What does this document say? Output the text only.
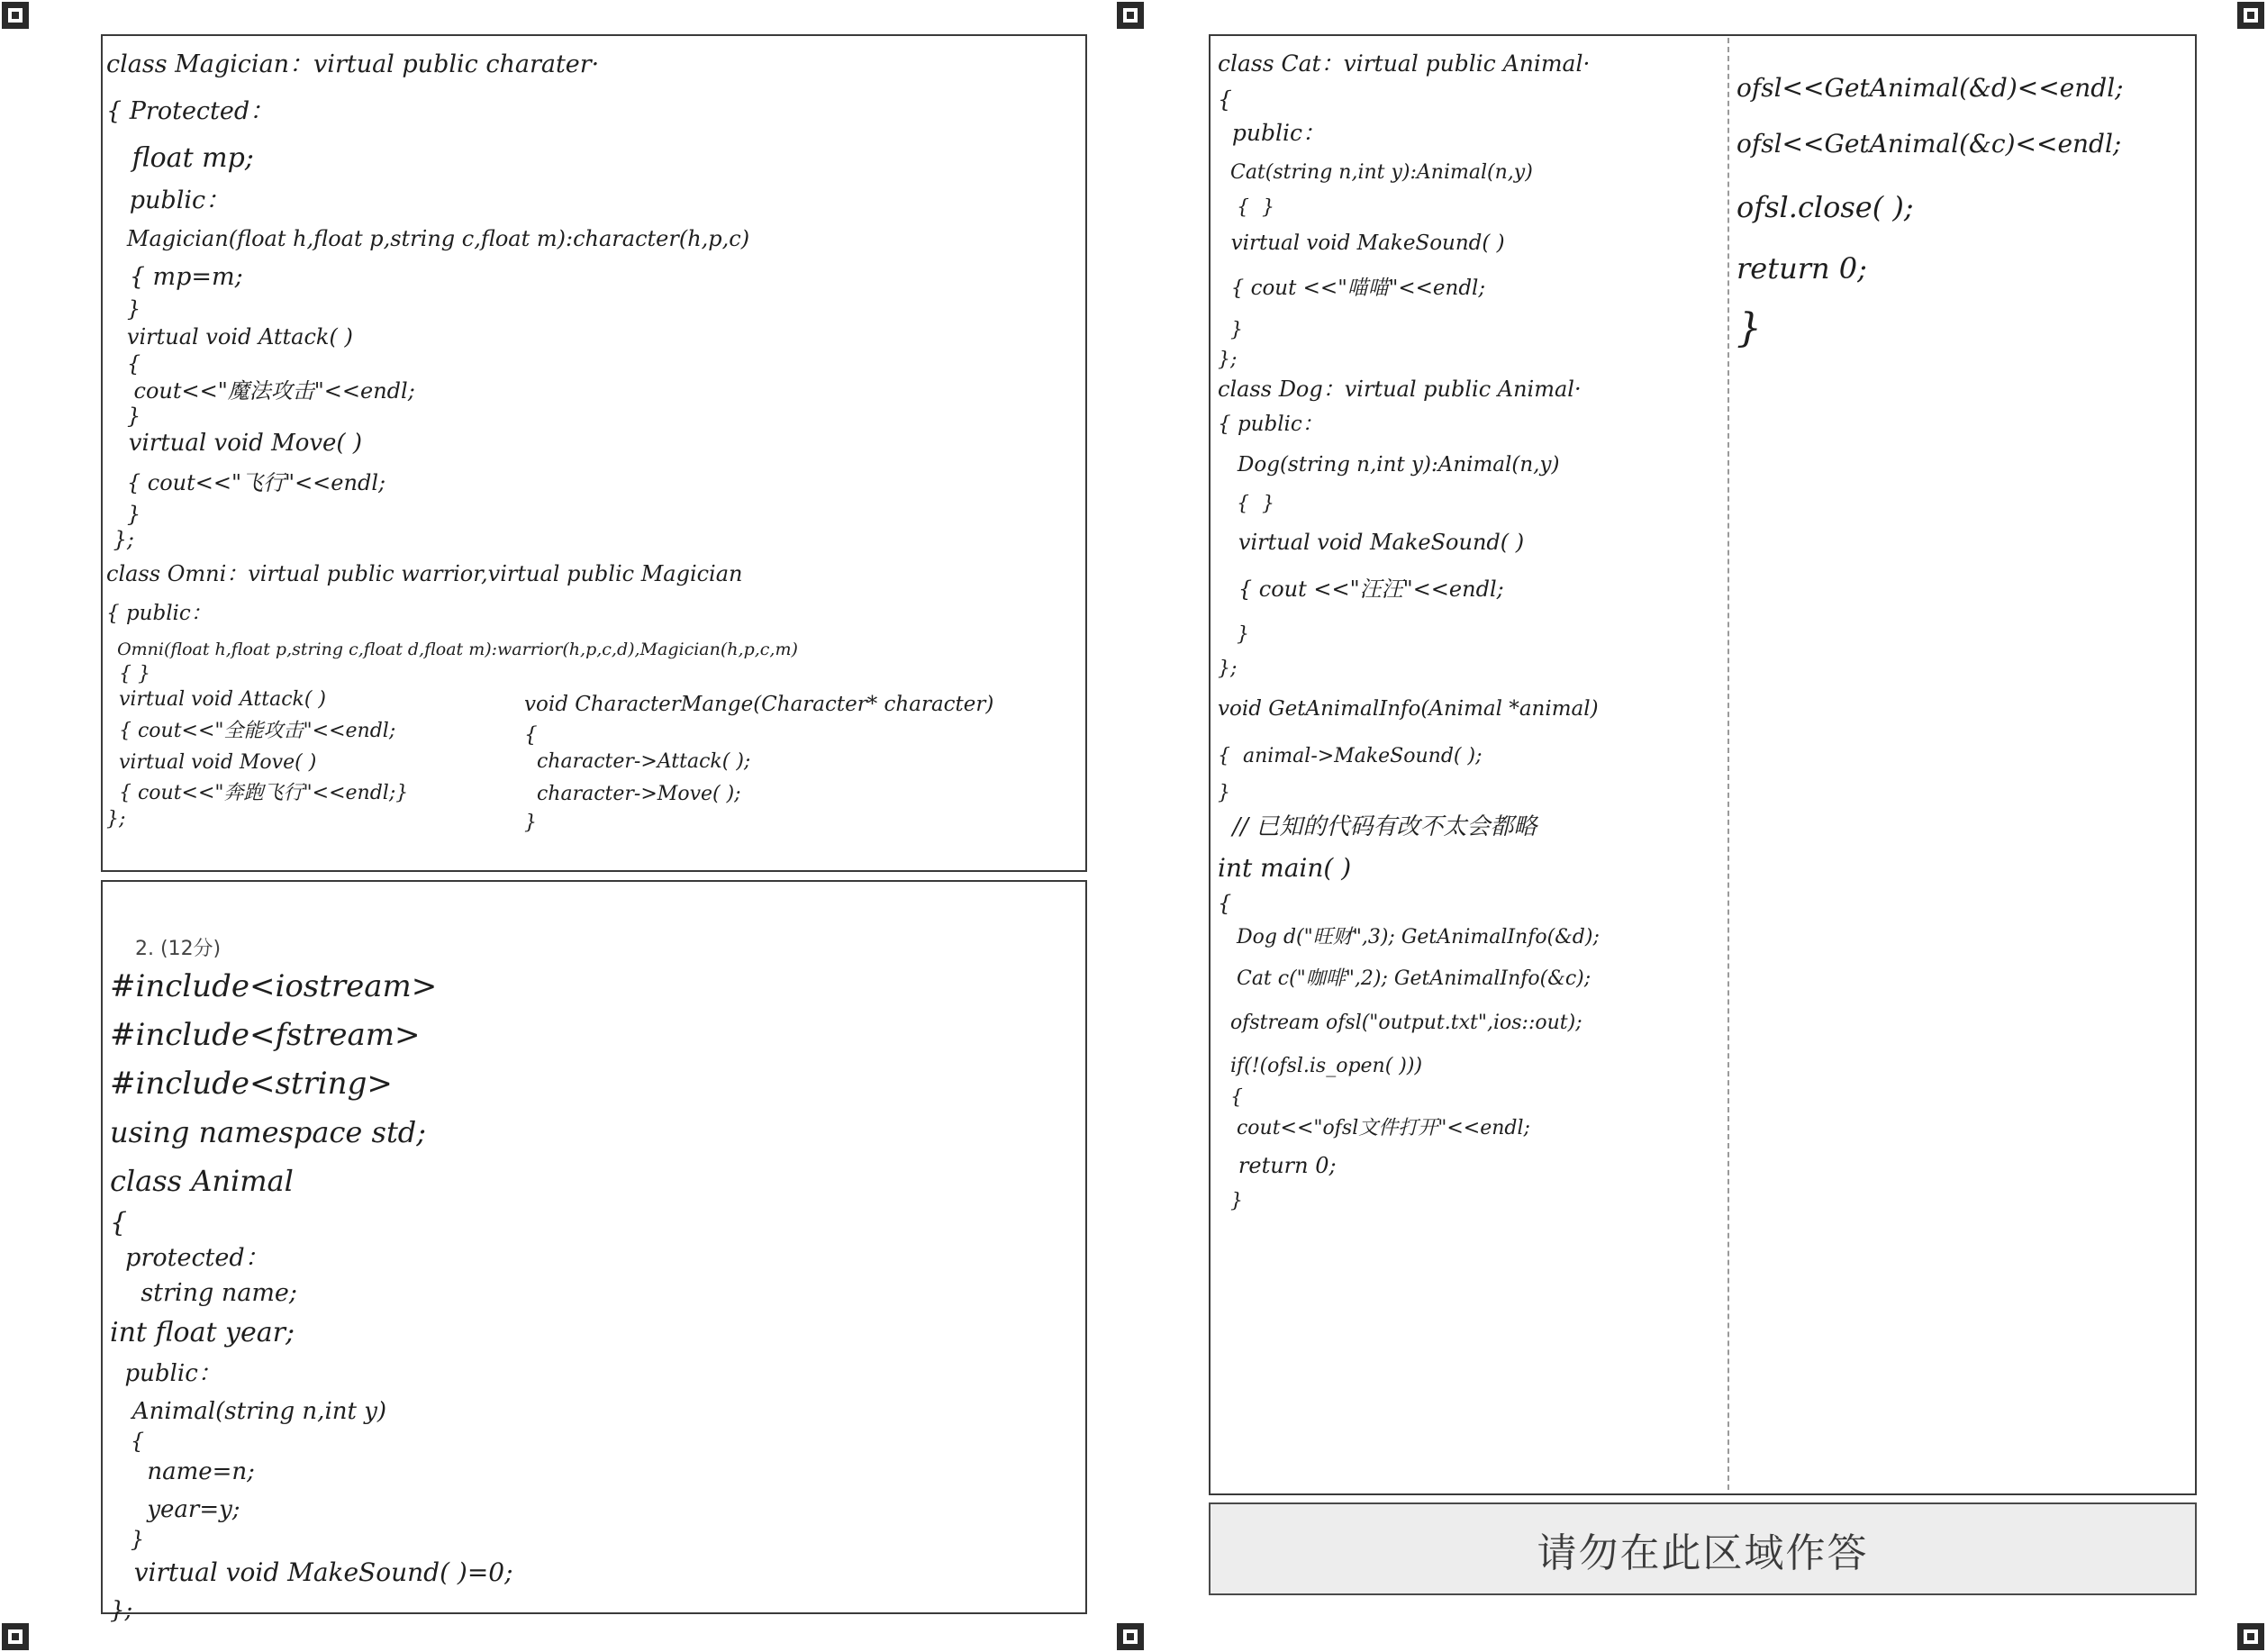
class Magician：virtual public charater·
{ Protected：
float mp;
public：
Magician(float h,float p,string c,float m):character(h,p,c)
{ mp=m;
}
virtual void Attack( )
{
cout<<"魔法攻击"<<endl;
}
virtual void Move( )
{ cout<<"飞行"<<endl;
}
};
class Omni：virtual public warrior,virtual public Magician
{ public：
Omni(float h,float p,string c,float d,float m):warrior(h,p,c,d),Magician(h,p,c,m)
{ }
virtual void Attack( )
{ cout<<"全能攻击"<<endl;
virtual void Move( )
{ cout<<"奔跑飞行"<<endl;}
};
void CharacterMange(Character* character)
{
character->Attack( );
character->Move( );
}
2. (12分)
#include<iostream>
#include<fstream>
#include<string>
using namespace std;
class Animal
{
protected：
string name;
int float year;
public：
Animal(string n,int y)
{
name=n;
year=y;
}
virtual void MakeSound( )=0;
};
class Cat：virtual public Animal·
{
public：
Cat(string n,int y):Animal(n,y)
{  }
virtual void MakeSound( )
{ cout <<"喵喵"<<endl;
}
};
class Dog：virtual public Animal·
{ public：
Dog(string n,int y):Animal(n,y)
{  }
virtual void MakeSound( )
{ cout <<"汪汪"<<endl;
}
};
void GetAnimalInfo(Animal *animal)
{  animal->MakeSound( );
}
// 已知的代码有改不太会都略
int main( )
{
Dog d("旺财",3); GetAnimalInfo(&d);
Cat c("咖啡",2); GetAnimalInfo(&c);
ofstream ofsl("output.txt",ios::out);
if(!(ofsl.is_open( )))
{
cout<<"ofsl文件打开"<<endl;
return 0;
}
ofsl<<GetAnimal(&d)<<endl;
ofsl<<GetAnimal(&c)<<endl;
ofsl.close( );
return 0;
}
请勿在此区域作答
